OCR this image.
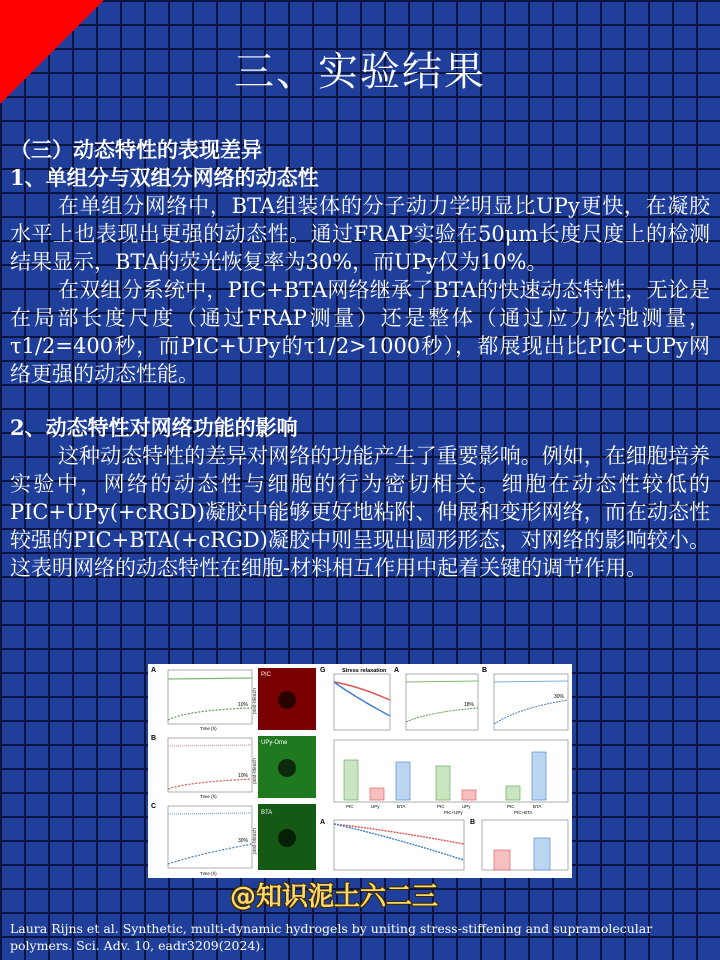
三、实验结果

（三）动态特性的表现差异

1、单组分与双组分网络的动态性

在单组分网络中，BTA组装体的分子动力学明显比UPy更快，在凝胶水平上也表现出更强的动态性。通过FRAP实验在50μm长度尺度上的检测结果显示，BTA的荧光恢复率为30%，而UPy仅为10%。

在双组分系统中，PIC+BTA网络继承了BTA的快速动态特性，无论是在局部长度尺度（通过FRAP测量）还是整体（通过应力松弛测量，τ1/2=400秒，而PIC+UPy的τ1/2>1000秒），都展现出比PIC+UPy网络更强的动态性能。

2、动态特性对网络功能的影响

这种动态特性的差异对网络的功能产生了重要影响。例如，在细胞培养实验中，网络的动态性与细胞的行为密切相关。细胞在动态性较低的PIC+UPy(+cRGD)凝胶中能够更好地粘附、伸展和变形网络，而在动态性较强的PIC+BTA(+cRGD)凝胶中则呈现出圆形形态，对网络的影响较小。这表明网络的动态特性在细胞-材料相互作用中起着关键的调节作用。

A
10%
Time (h)
B
10%
Time (h)
C
30%
Time (h)
PIC
post-bleach
UPy-Ome
post-bleach
BTA
post-bleach
G	Stress relaxation A
18%
B
30%
PIC	UPy	BTA	PIC	UPy	PIC	BTA
PIC+UPy	PIC+BTA
A	B
@知识泥土六二三
Laura Rijns et al. Synthetic, multi-dynamic hydrogels by uniting stress-stiffening and supramolecular polymers. Sci. Adv. 10, eadr3209(2024).
